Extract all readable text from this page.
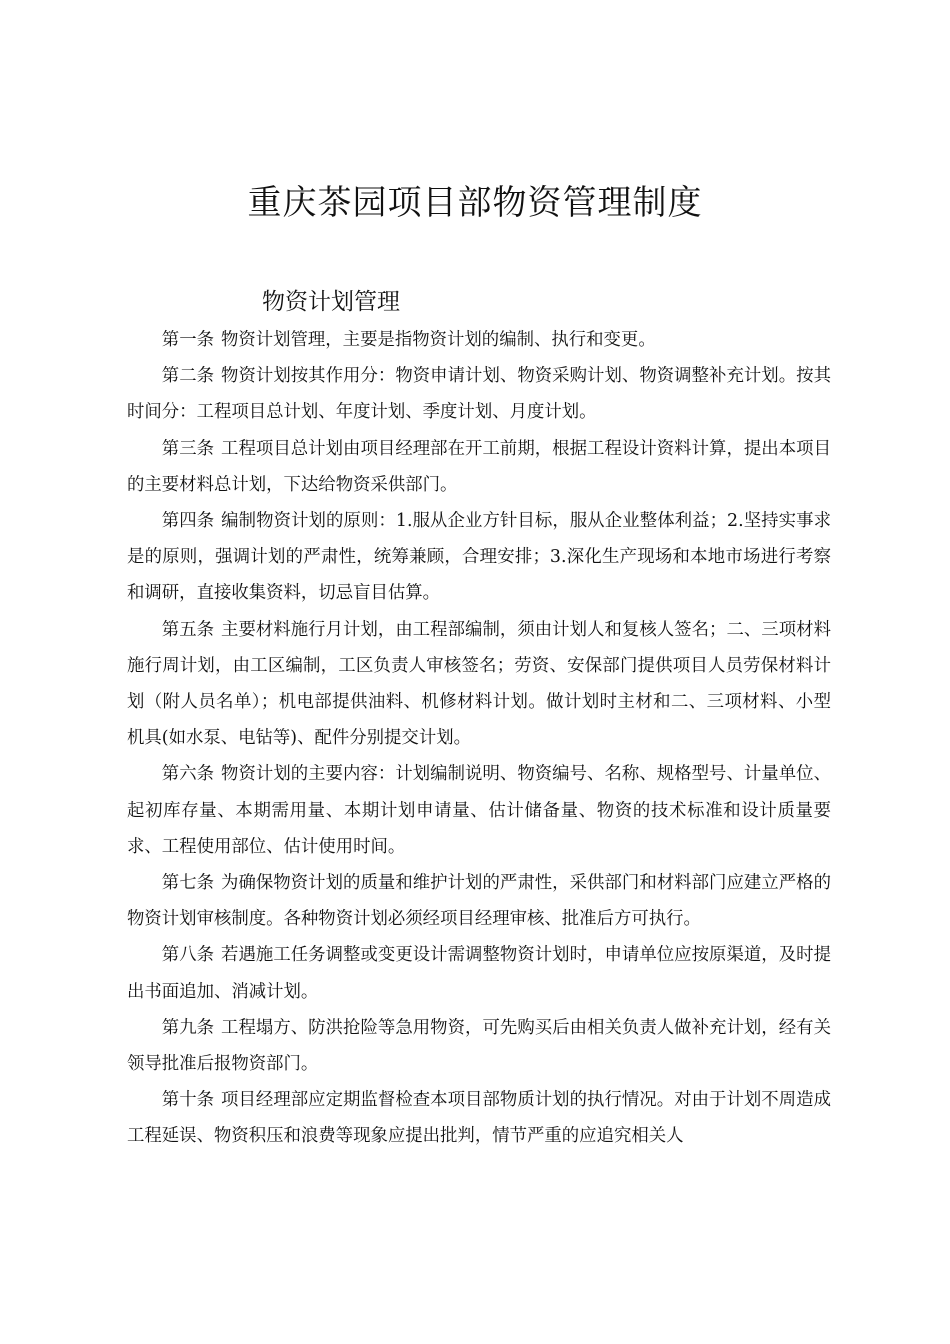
重庆茶园项目部物资管理制度
物资计划管理

第一条 物资计划管理，主要是指物资计划的编制、执行和变更。

第二条 物资计划按其作用分：物资申请计划、物资采购计划、物资调整补充计划。按其时间分：工程项目总计划、年度计划、季度计划、月度计划。

第三条 工程项目总计划由项目经理部在开工前期，根据工程设计资料计算，提出本项目的主要材料总计划，下达给物资采供部门。

第四条 编制物资计划的原则：1.服从企业方针目标，服从企业整体利益；2.坚持实事求是的原则，强调计划的严肃性，统筹兼顾，合理安排；3.深化生产现场和本地市场进行考察和调研，直接收集资料，切忌盲目估算。

第五条 主要材料施行月计划，由工程部编制，须由计划人和复核人签名；二、三项材料施行周计划，由工区编制，工区负责人审核签名；劳资、安保部门提供项目人员劳保材料计划（附人员名单）；机电部提供油料、机修材料计划。做计划时主材和二、三项材料、小型机具(如水泵、电钻等)、配件分别提交计划。

第六条 物资计划的主要内容：计划编制说明、物资编号、名称、规格型号、计量单位、起初库存量、本期需用量、本期计划申请量、估计储备量、物资的技术标准和设计质量要求、工程使用部位、估计使用时间。

第七条 为确保物资计划的质量和维护计划的严肃性，采供部门和材料部门应建立严格的物资计划审核制度。各种物资计划必须经项目经理审核、批准后方可执行。

第八条 若遇施工任务调整或变更设计需调整物资计划时，申请单位应按原渠道，及时提出书面追加、消减计划。

第九条 工程塌方、防洪抢险等急用物资，可先购买后由相关负责人做补充计划，经有关领导批准后报物资部门。

第十条 项目经理部应定期监督检查本项目部物质计划的执行情况。对由于计划不周造成工程延误、物资积压和浪费等现象应提出批判，情节严重的应追究相关人
